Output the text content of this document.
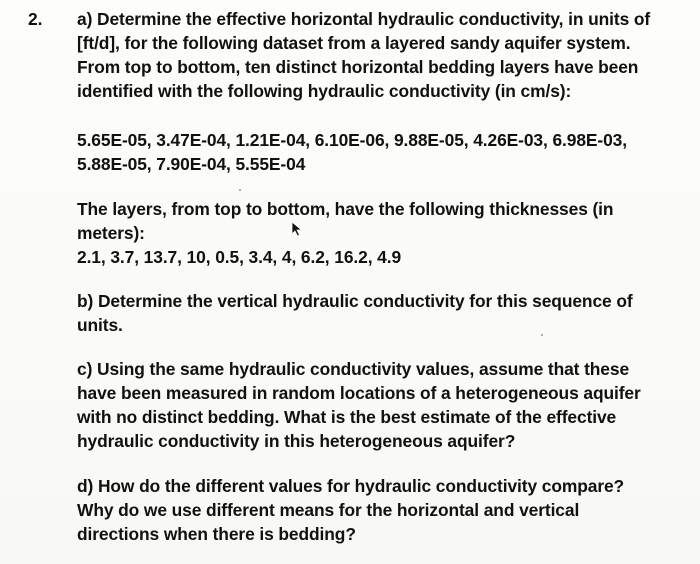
2. a) Determine the effective horizontal hydraulic conductivity, in units of
[ft/d], for the following dataset from a layered sandy aquifer system.
From top to bottom, ten distinct horizontal bedding layers have been
identified with the following hydraulic conductivity (in cm/s):
5.65E-05, 3.47E-04, 1.21E-04, 6.10E-06, 9.88E-05, 4.26E-03, 6.98E-03,
5.88E-05, 7.90E-04, 5.55E-04
The layers, from top to bottom, have the following thicknesses (in
meters):
2.1, 3.7, 13.7, 10, 0.5, 3.4, 4, 6.2, 16.2, 4.9
b) Determine the vertical hydraulic conductivity for this sequence of
units.
c) Using the same hydraulic conductivity values, assume that these
have been measured in random locations of a heterogeneous aquifer
with no distinct bedding. What is the best estimate of the effective
hydraulic conductivity in this heterogeneous aquifer?
d) How do the different values for hydraulic conductivity compare?
Why do we use different means for the horizontal and vertical
directions when there is bedding?
